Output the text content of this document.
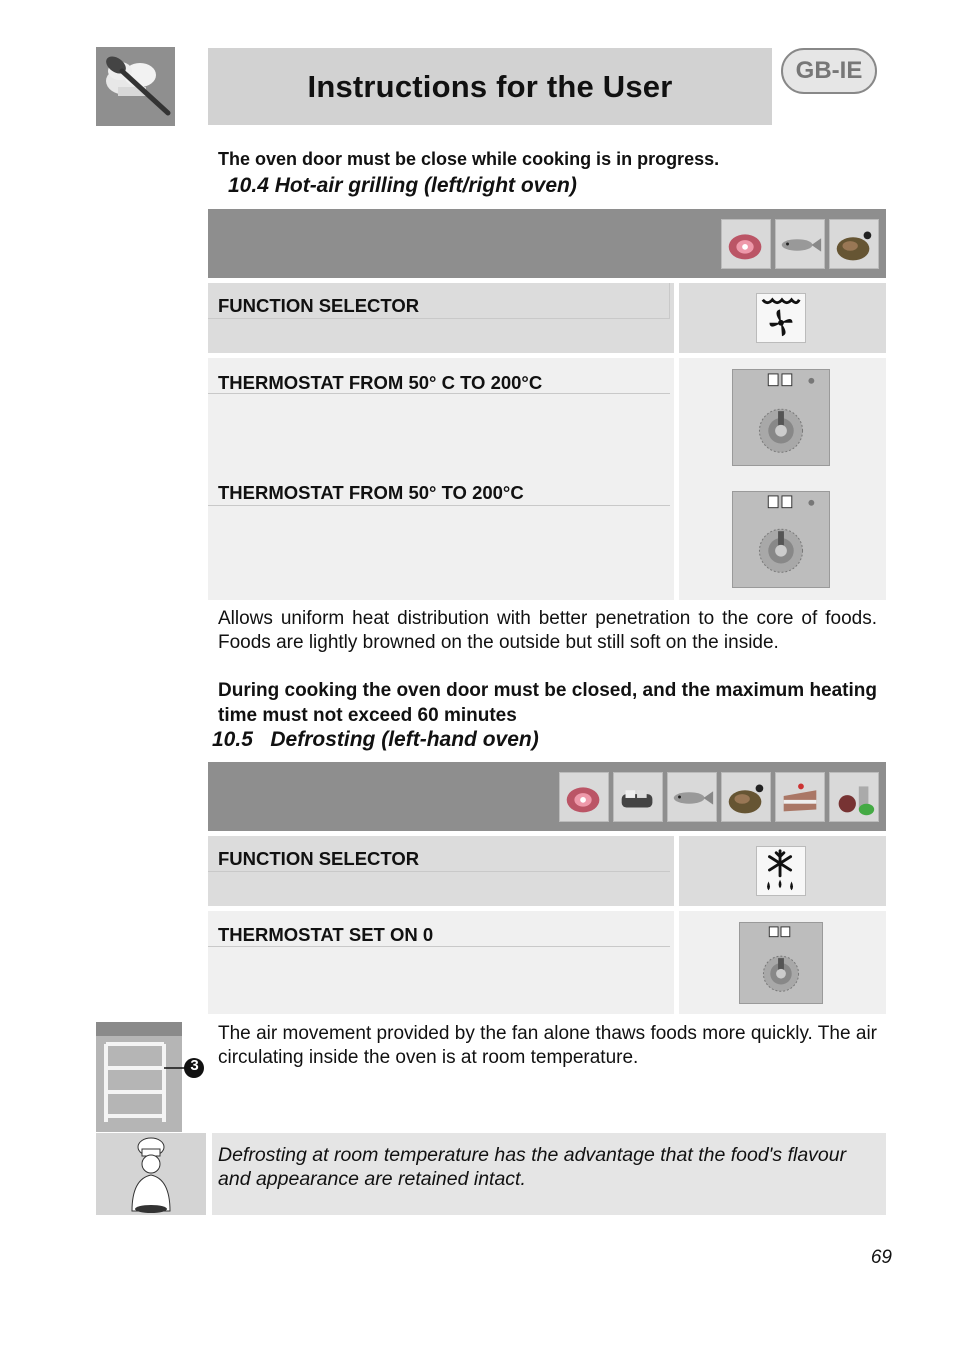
Instructions for the User	GB-IE
The oven door must be close while cooking is in progress.
10.4 Hot-air grilling (left/right oven)
FUNCTION SELECTOR
THERMOSTAT FROM 50° C TO 200°C
THERMOSTAT FROM 50° TO 200°C
Allows uniform heat distribution with better penetration to the core of foods. Foods are lightly browned on the outside but still soft on the inside.
During cooking the oven door must be closed, and the maximum heating time must not exceed 60 minutes
10.5   Defrosting (left-hand oven)
FUNCTION SELECTOR
THERMOSTAT SET ON 0
3
The air movement provided by the fan alone thaws foods more quickly. The air circulating inside the oven is at room temperature.
Defrosting at room temperature has the advantage that the food's flavour and appearance are retained intact.
69
